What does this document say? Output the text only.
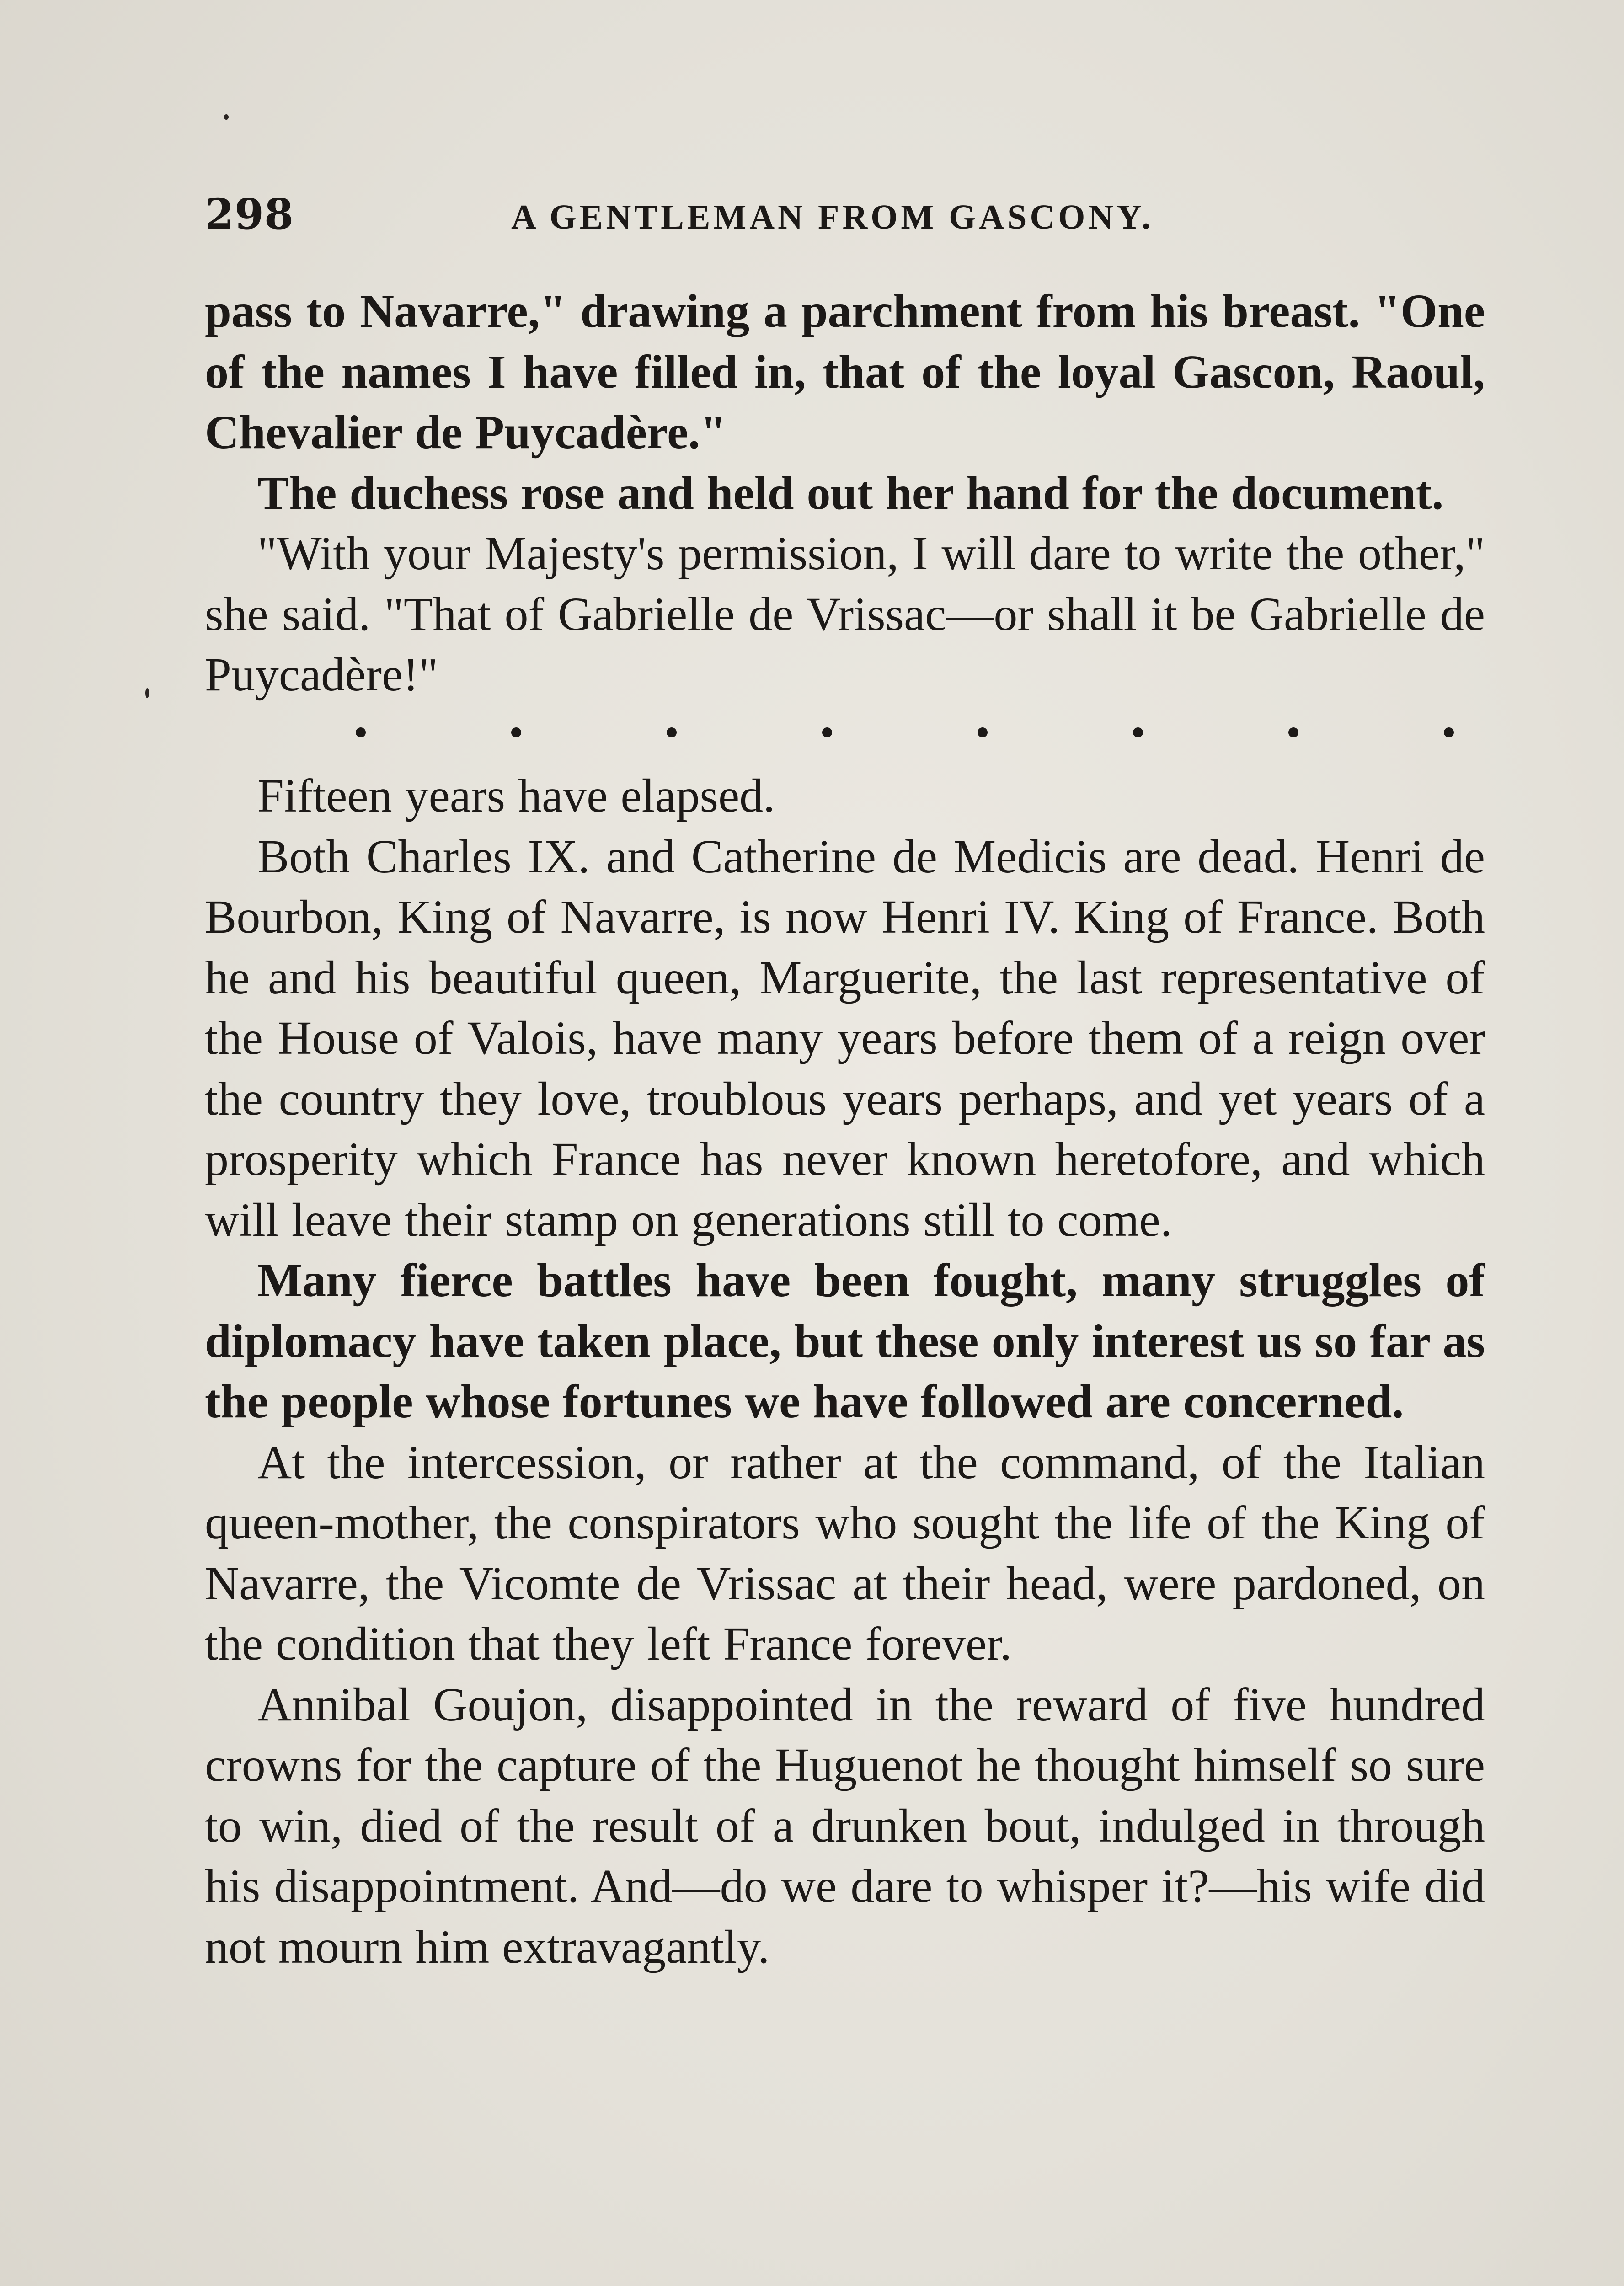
298	A GENTLEMAN FROM GASCONY.

pass to Navarre," drawing a parchment from his breast. "One of the names I have filled in, that of the loyal Gascon, Raoul, Chevalier de Puycadère."

The duchess rose and held out her hand for the document.

"With your Majesty's permission, I will dare to write the other," she said. "That of Gabrielle de Vrissac—or shall it be Gabrielle de Puycadère!"

Fifteen years have elapsed.

Both Charles IX. and Catherine de Medicis are dead. Henri de Bourbon, King of Navarre, is now Henri IV. King of France. Both he and his beautiful queen, Marguerite, the last representative of the House of Valois, have many years before them of a reign over the country they love, troublous years perhaps, and yet years of a prosperity which France has never known heretofore, and which will leave their stamp on generations still to come.

Many fierce battles have been fought, many struggles of diplomacy have taken place, but these only interest us so far as the people whose fortunes we have followed are concerned.

At the intercession, or rather at the command, of the Italian queen-mother, the conspirators who sought the life of the King of Navarre, the Vicomte de Vrissac at their head, were pardoned, on the condition that they left France forever.

Annibal Goujon, disappointed in the reward of five hundred crowns for the capture of the Huguenot he thought himself so sure to win, died of the result of a drunken bout, indulged in through his disappointment. And—do we dare to whisper it?—his wife did not mourn him extravagantly.
